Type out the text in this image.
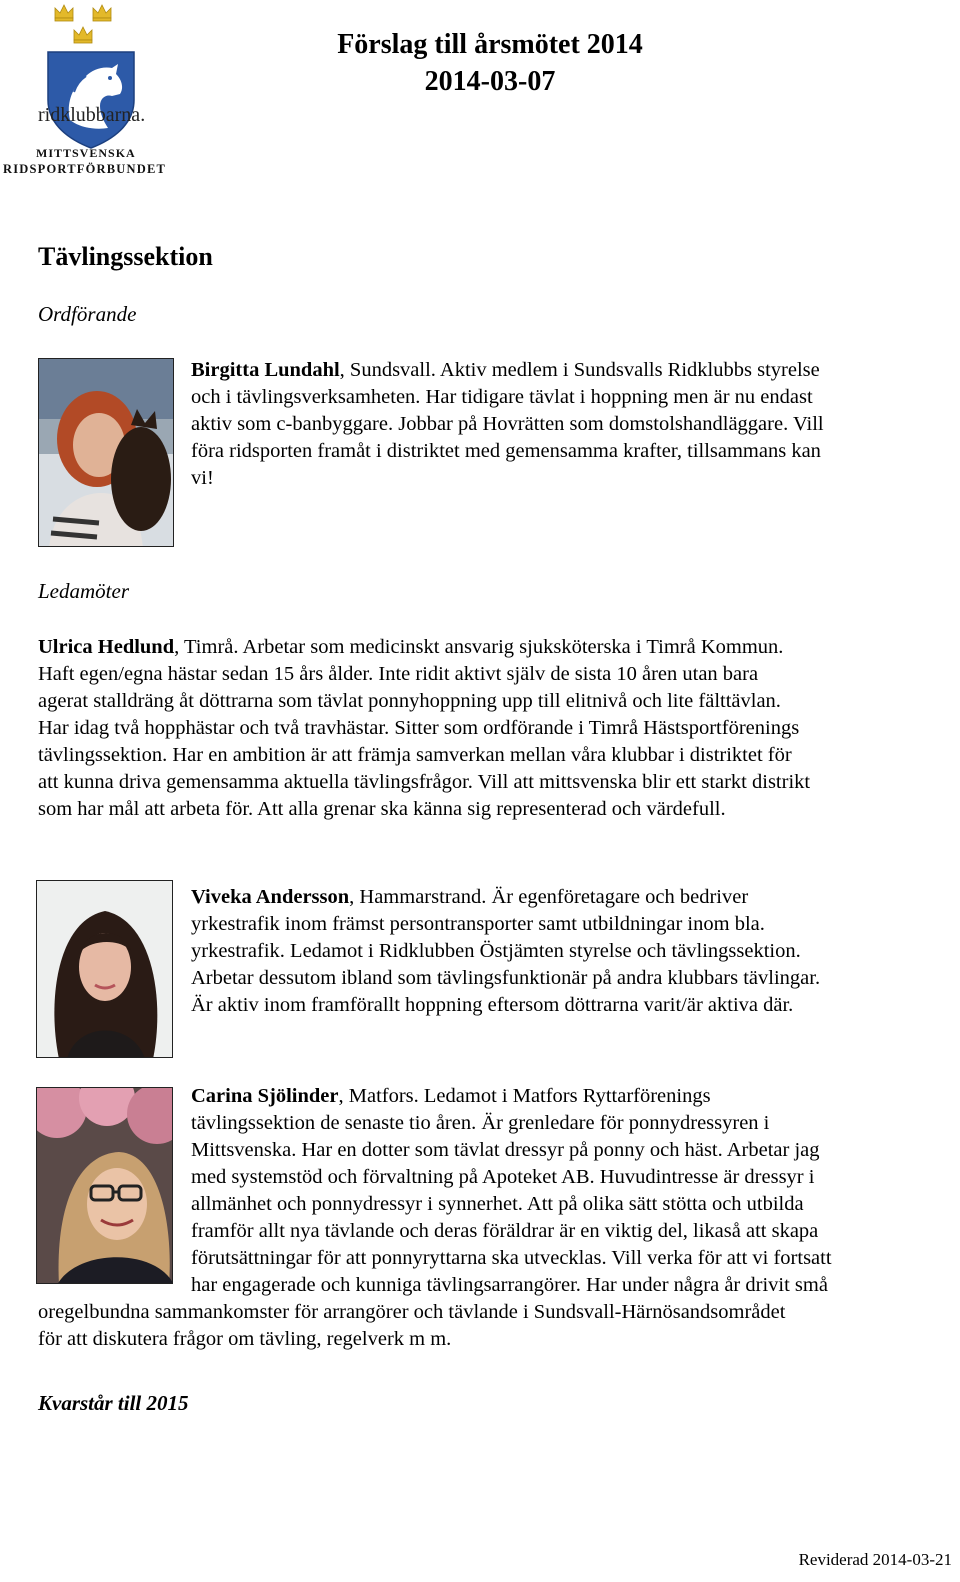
ridklubbarna.
MITTSVENSKA
RIDSPORTFÖRBUNDET
Förslag till årsmötet 2014
2014-03-07
Tävlingssektion
Ordförande
Birgitta Lundahl, Sundsvall. Aktiv medlem i Sundsvalls Ridklubbs styrelse
och i tävlingsverksamheten. Har tidigare tävlat i hoppning men är nu endast
aktiv som c-banbyggare. Jobbar på Hovrätten som domstolshandläggare. Vill
föra ridsporten framåt i distriktet med gemensamma krafter, tillsammans kan
vi!
Ledamöter
Ulrica Hedlund, Timrå. Arbetar som medicinskt ansvarig sjuksköterska i Timrå Kommun.
Haft egen/egna hästar sedan 15 års ålder. Inte ridit aktivt själv de sista 10 åren utan bara
agerat stalldräng åt döttrarna som tävlat ponnyhoppning upp till elitnivå och lite fälttävlan.
Har idag två hopphästar och två travhästar. Sitter som ordförande i Timrå Hästsportförenings
tävlingssektion. Har en ambition är att främja samverkan mellan våra klubbar i distriktet för
att kunna driva gemensamma aktuella tävlingsfrågor. Vill att mittsvenska blir ett starkt distrikt
som har mål att arbeta för. Att alla grenar ska känna sig representerad och värdefull.
Viveka Andersson, Hammarstrand. Är egenföretagare och bedriver
yrkestrafik inom främst persontransporter samt utbildningar inom bla.
yrkestrafik. Ledamot i Ridklubben Östjämten styrelse och tävlingssektion.
Arbetar dessutom ibland som tävlingsfunktionär på andra klubbars tävlingar.
Är aktiv inom framförallt hoppning eftersom döttrarna varit/är aktiva där.
Carina Sjölinder, Matfors. Ledamot i Matfors Ryttarförenings
tävlingssektion de senaste tio åren. Är grenledare för ponnydressyren i
Mittsvenska. Har en dotter som tävlat dressyr på ponny och häst. Arbetar jag
med systemstöd och förvaltning på Apoteket AB. Huvudintresse är dressyr i
allmänhet och ponnydressyr i synnerhet. Att på olika sätt stötta och utbilda
framför allt nya tävlande och deras föräldrar är en viktig del, likaså att skapa
förutsättningar för att ponnyryttarna ska utvecklas. Vill verka för att vi fortsatt
har engagerade och kunniga tävlingsarrangörer. Har under några år drivit små
oregelbundna sammankomster för arrangörer och tävlande i Sundsvall-Härnösandsområdet
för att diskutera frågor om tävling, regelverk m m.
Kvarstår till 2015
Reviderad 2014-03-21
